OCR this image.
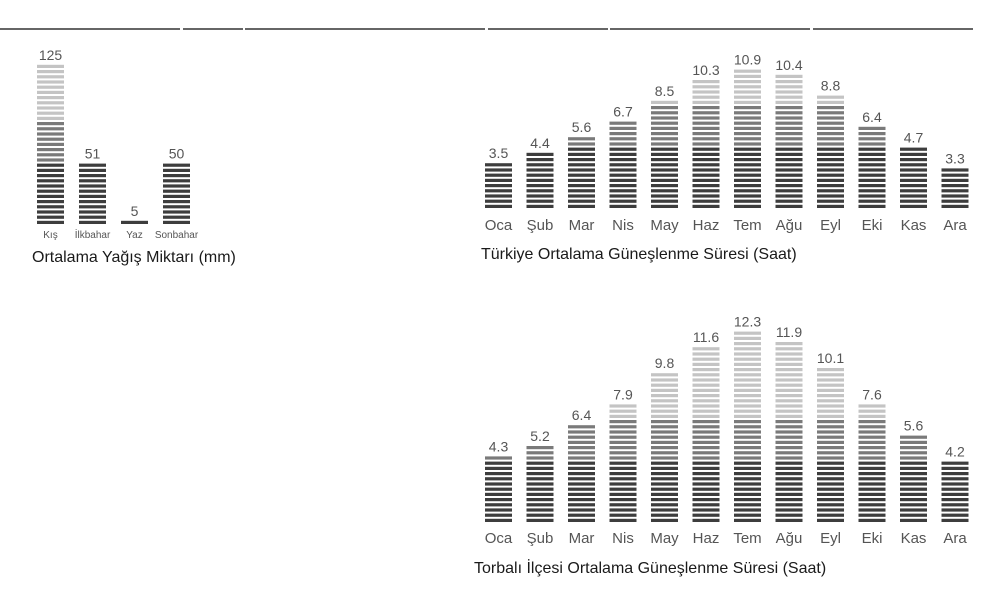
125
51
5
50
Kış İlkbahar Yaz Sonbahar
Ortalama Yağış Miktarı (mm)
3.5
4.4
5.6
6.7
8.5
10.3
10.9 10.4
8.8
6.4
4.7
3.3
Oca Şub Mar Nis May Haz Tem Ağu Eyl Eki Kas Ara
Türkiye Ortalama Güneşlenme Süresi (Saat)
4.3
5.2
6.4
7.9
9.8
11.6
12.3
11.9
10.1
7.6
5.6
4.2
Oca Şub Mar Nis May Haz Tem Ağu Eyl Eki Kas Ara
Torbalı İlçesi Ortalama Güneşlenme Süresi (Saat)
